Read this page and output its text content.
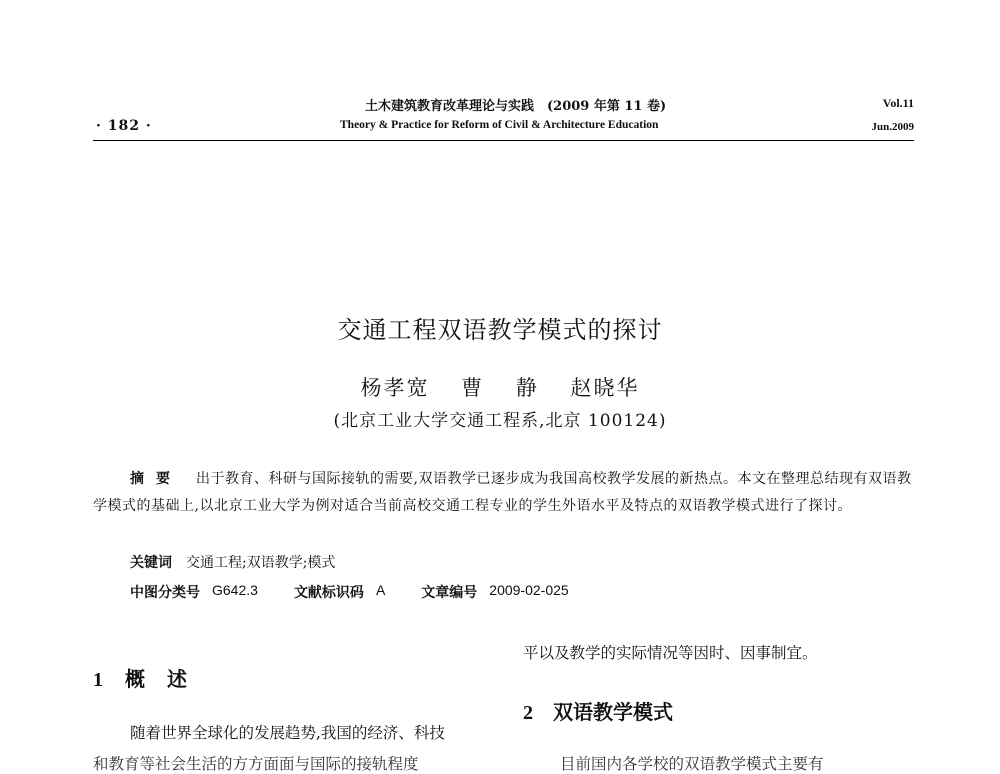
· 182 ·
土木建筑教育改革理论与实践　(2009 年第 11 卷)
Theory & Practice for Reform of Civil & Architecture Education
Vol.11
Jun.2009
交通工程双语教学模式的探讨
杨孝宽　 曹　 静　 赵晓华
(北京工业大学交通工程系,北京 100124)
摘要 出于教育、科研与国际接轨的需要,双语教学已逐步成为我国高校教学发展的新热点。本文在整理总结现有双语教学模式的基础上,以北京工业大学为例对适合当前高校交通工程专业的学生外语水平及特点的双语教学模式进行了探讨。
关键词 交通工程;双语教学;模式
中图分类号 G642.3	文献标识码 A	文章编号 2009-02-025
1 概述
随着世界全球化的发展趋势,我国的经济、科技
和教育等社会生活的方方面面与国际的接轨程度
平以及教学的实际情况等因时、因事制宜。
2 双语教学模式
目前国内各学校的双语教学模式主要有
